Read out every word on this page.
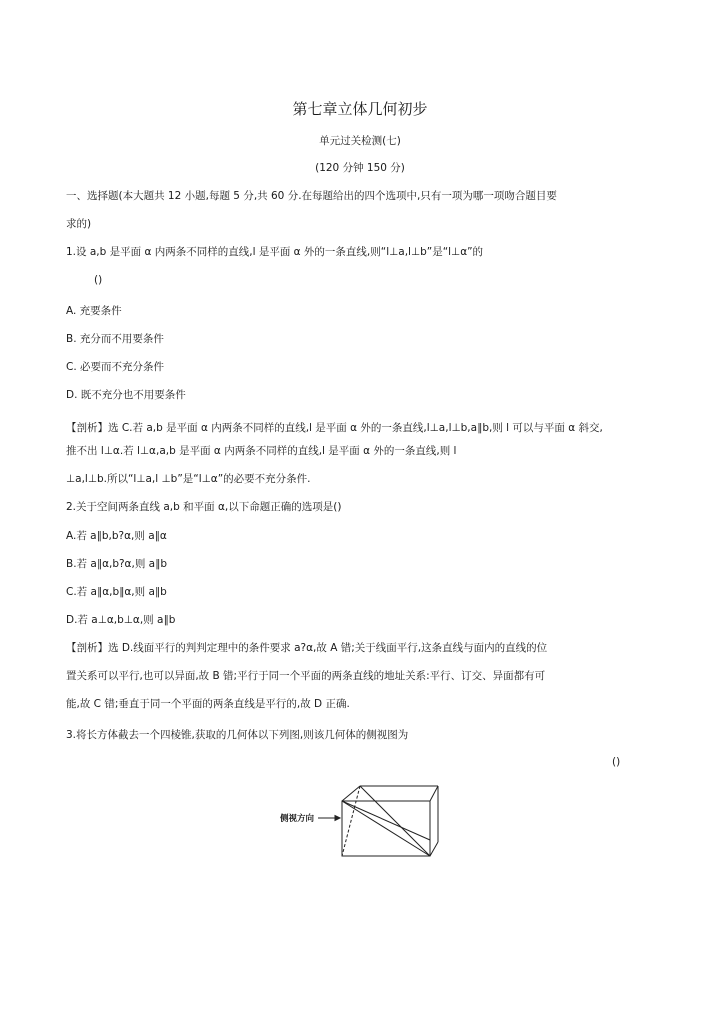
第七章立体几何初步
单元过关检测(七)
(120 分钟 150 分)
一、选择题(本大题共 12 小题,每题 5 分,共 60 分.在每题给出的四个选项中,只有一项为哪一项吻合题目要
求的)
1.设 a,b 是平面 α 内两条不同样的直线,l 是平面 α 外的一条直线,则“l⊥a,l⊥b”是“l⊥α”的
()
A. 充要条件
B. 充分而不用要条件
C. 必要而不充分条件
D. 既不充分也不用要条件
【剖析】选 C.若 a,b 是平面 α 内两条不同样的直线,l 是平面 α 外的一条直线,l⊥a,l⊥b,a∥b,则 l 可以与平面 α 斜交,
推不出 l⊥α.若 l⊥α,a,b 是平面 α 内两条不同样的直线,l 是平面 α 外的一条直线,则 l
⊥a,l⊥b.所以“l⊥a,l ⊥b”是“l⊥α”的必要不充分条件.
2.关于空间两条直线 a,b 和平面 α,以下命题正确的选项是()
A.若 a∥b,b?α,则 a∥α
B.若 a∥α,b?α,则 a∥b
C.若 a∥α,b∥α,则 a∥b
D.若 a⊥α,b⊥α,则 a∥b
【剖析】选 D.线面平行的判判定理中的条件要求 a?α,故 A 错;关于线面平行,这条直线与面内的直线的位
置关系可以平行,也可以异面,故 B 错;平行于同一个平面的两条直线的地址关系:平行、订交、异面都有可
能,故 C 错;垂直于同一个平面的两条直线是平行的,故 D 正确.
3.将长方体截去一个四棱锥,获取的几何体以下列图,则该几何体的侧视图为
()
侧视方向
